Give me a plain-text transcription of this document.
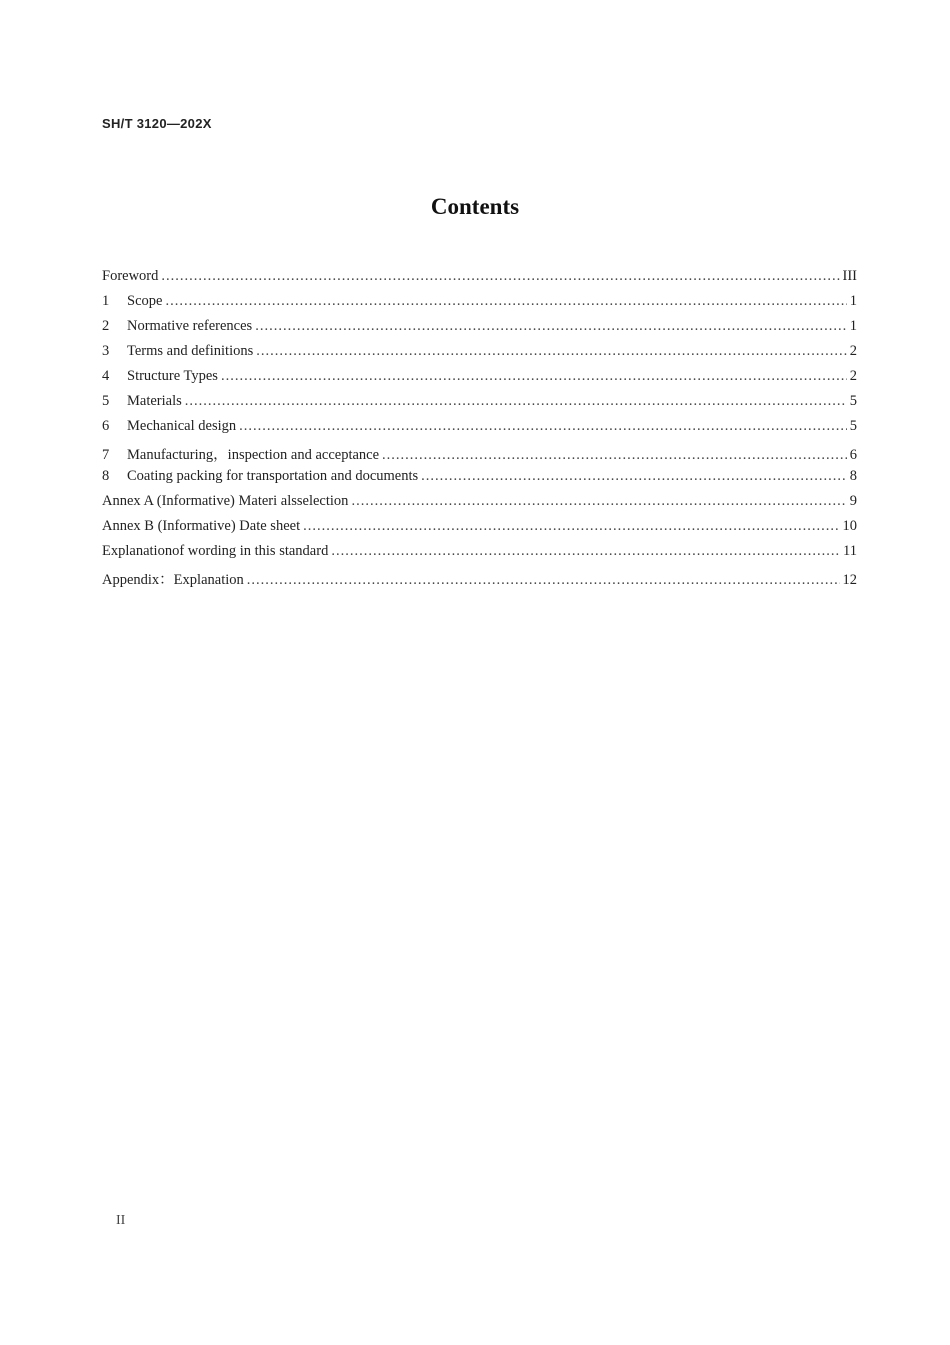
SH/T 3120—202X
Contents
Foreword .....	III
1	Scope .....	1
2	Normative references .....	1
3	Terms and definitions .....	2
4	Structure Types .....	2
5	Materials .....	5
6	Mechanical design .....	5
7	Manufacturing，inspection and acceptance .....	6
8	Coating packing for transportation and documents .....	8
Annex A (Informative) Materi alsselection .....	9
Annex B (Informative) Date sheet .....	10
Explanationof wording in this standard .....	11
Appendix：Explanation .....	12
II
